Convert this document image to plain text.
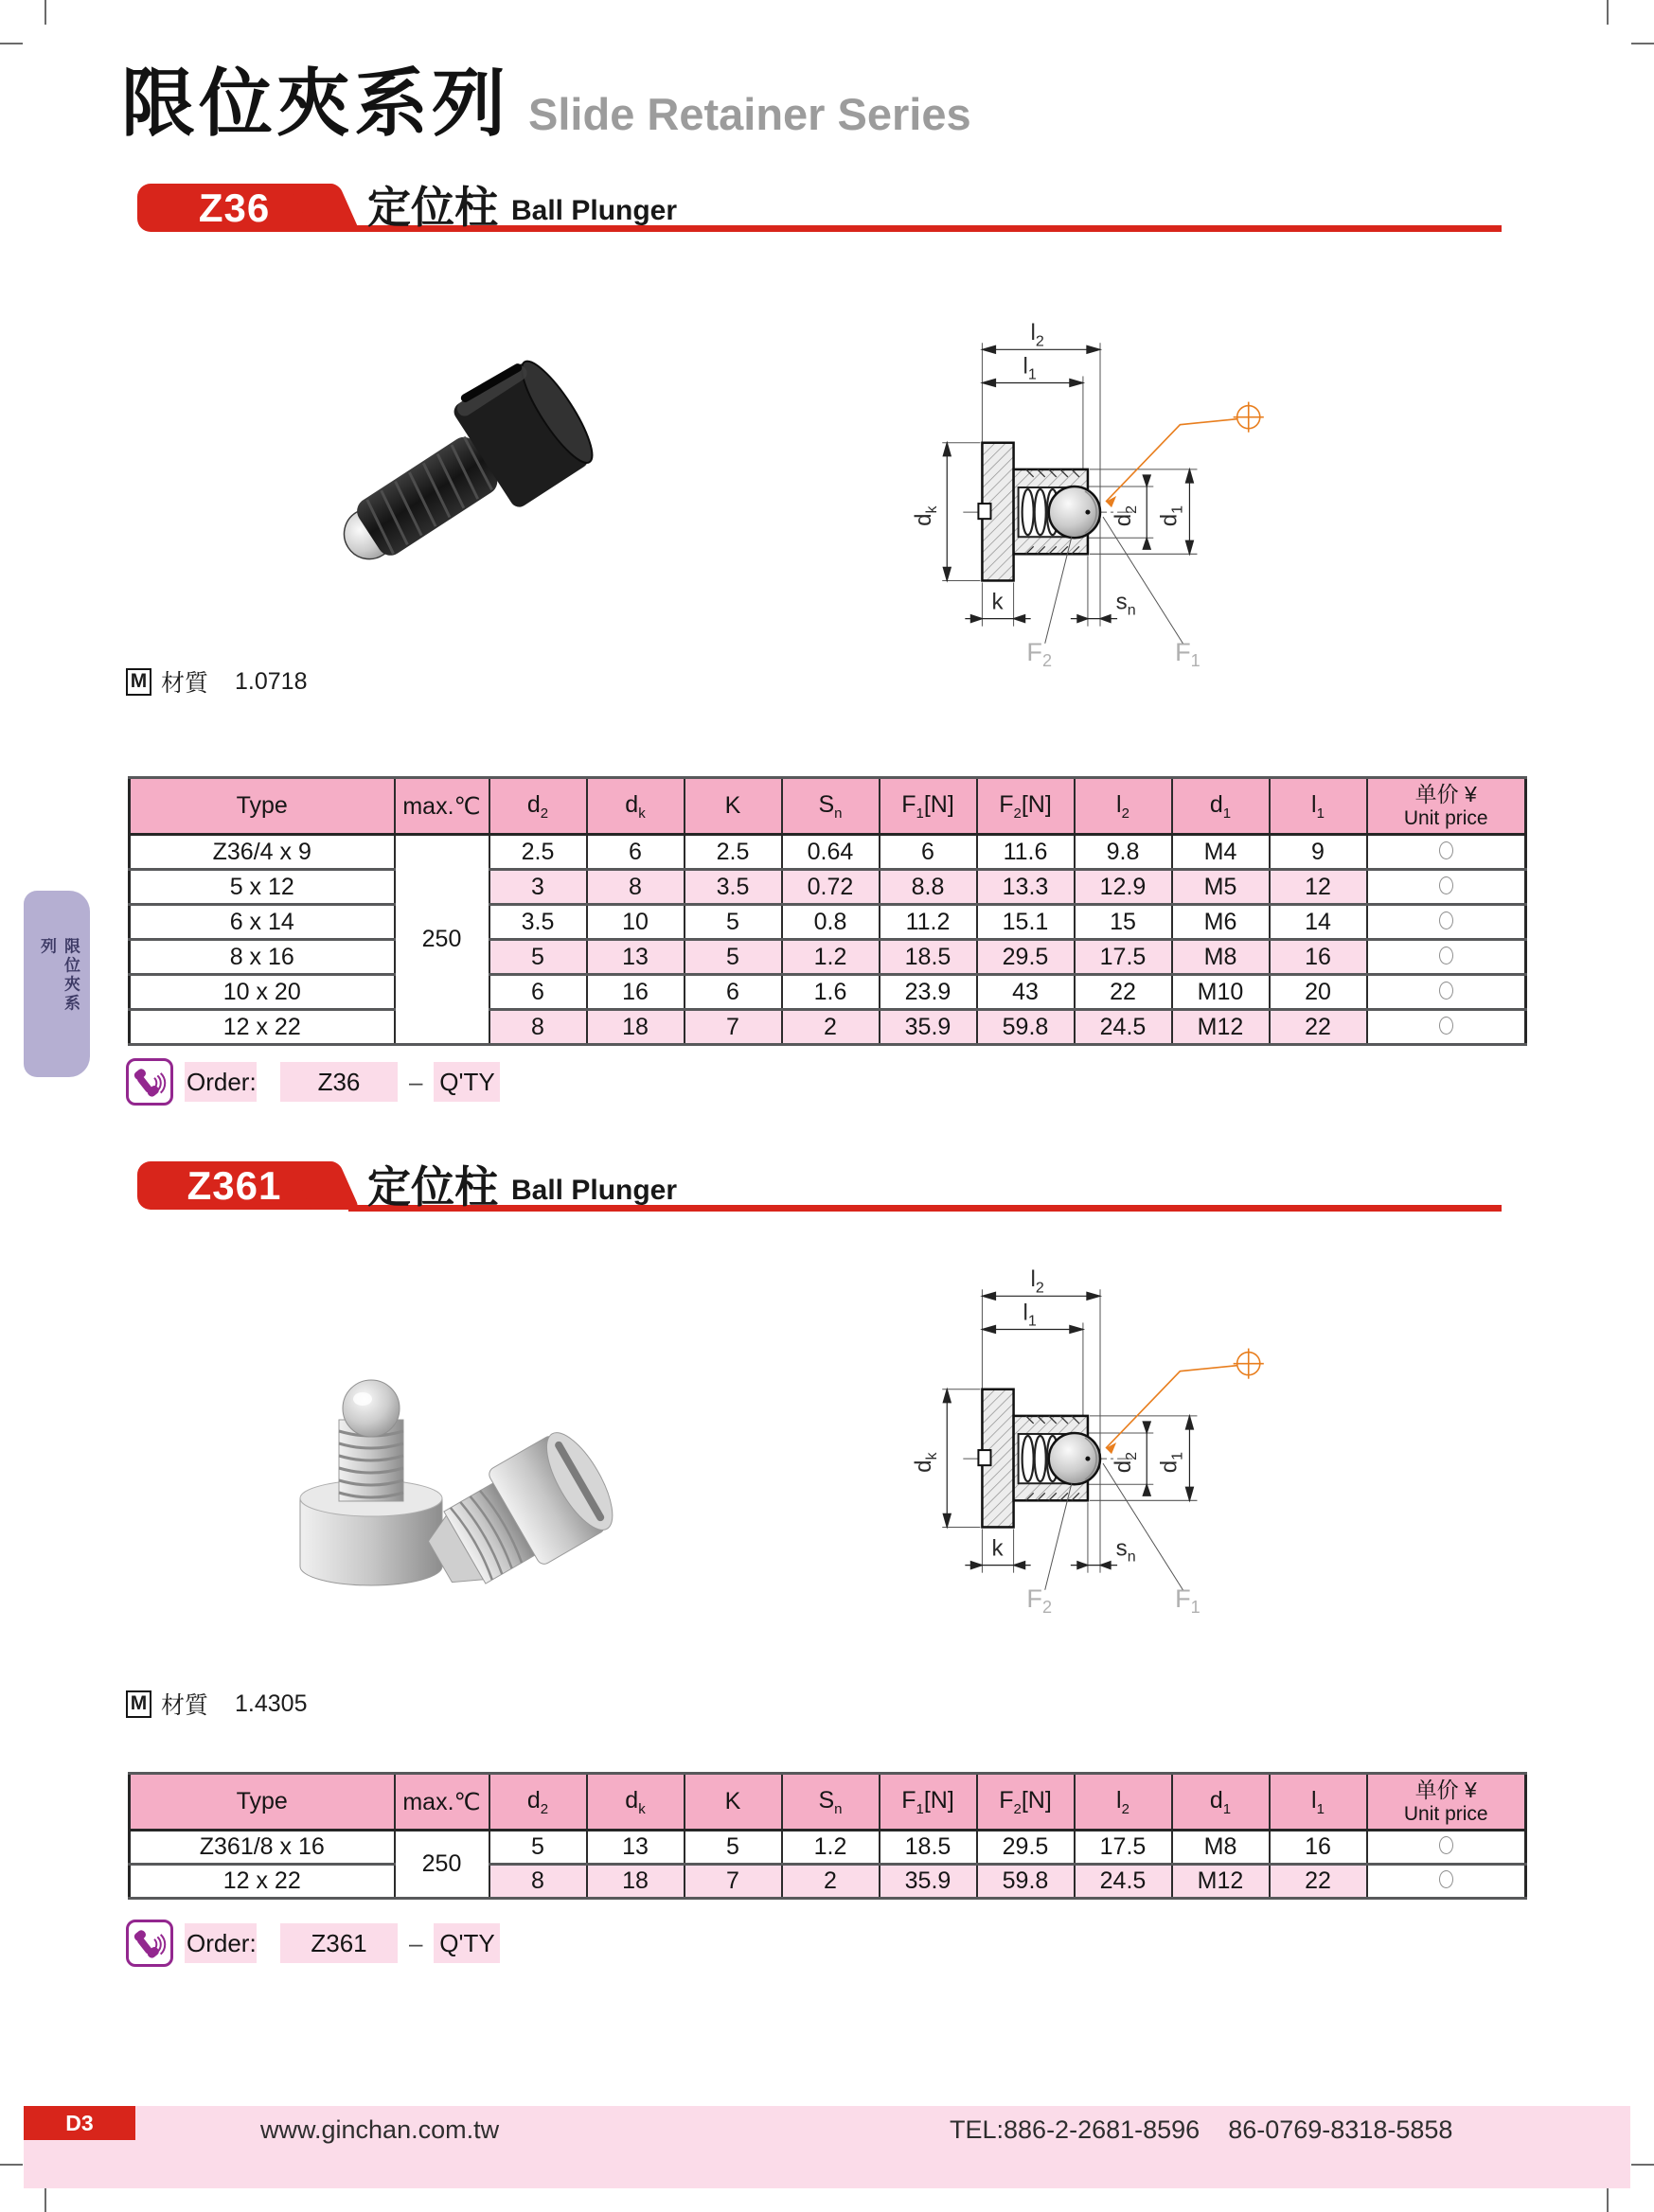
限位夾系列 Slide Retainer Series
Z36	定位柱 Ball Plunger
M 材質 1.0718
Type	max.℃	$d_2$	$d_k$	K	$S_n$	$F_1[N]$	$F_2[N]$	$l_2$	$d_1$	$l_1$	单价 ¥
Unit price

Z36/4 x 9	250	2.5	6	2.5	0.64	6	11.6	9.8	M4	9	
5 x 12		3	8	3.5	0.72	8.8	13.3	12.9	M5	12	
6 x 14		3.5	10	5	0.8	11.2	15.1	15	M6	14	
8 x 16		5	13	5	1.2	18.5	29.5	17.5	M8	16	
10 x 20		6	16	6	1.6	23.9	43	22	M10	20	
12 x 22		8	18	7	2	35.9	59.8	24.5	M12	22	
Order:	Z36	– Q'TY
Z361	定位柱 Ball Plunger
M 材質 1.4305
Type	max.℃	$d_2$	$d_k$	K	$S_n$	$F_1[N]$	$F_2[N]$	$l_2$	$d_1$	$l_1$	单价 ¥
Unit price

Z361/8 x 16	250	5	13	5	1.2	18.5	29.5	17.5	M8	16	
12 x 22		8	18	7	2	35.9	59.8	24.5	M12	22	
Order:	Z361	– Q'TY
限位夾系列
D3	www.ginchan.com.tw	TEL:886-2-2681-8596    86-0769-8318-5858
